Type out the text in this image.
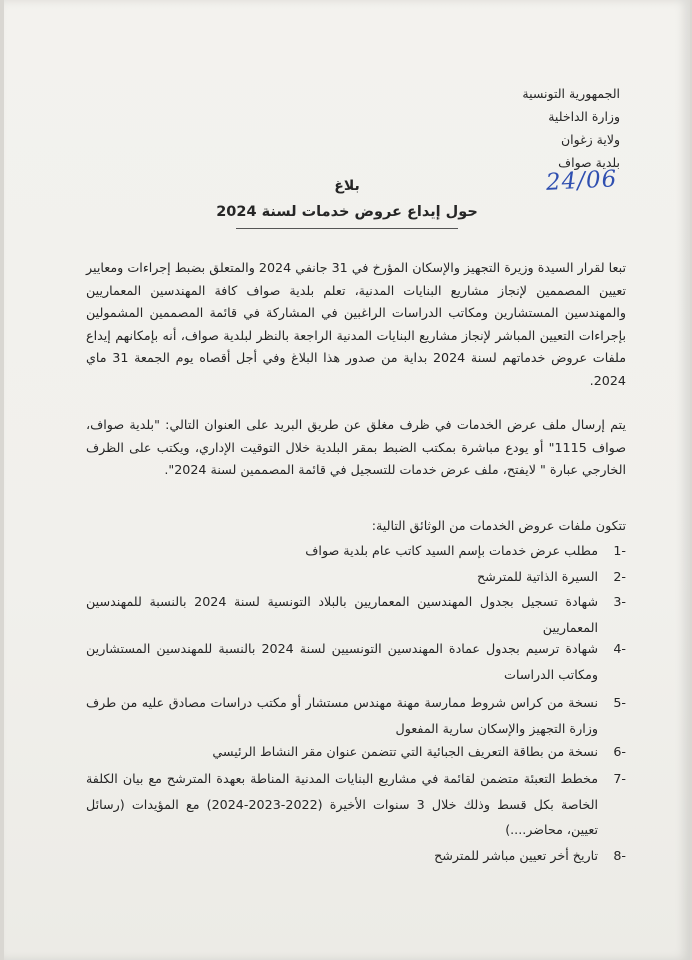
الجمهورية التونسية
وزارة الداخلية
ولاية زغوان
بلدية صواف
24/06
بلاغ
حول إيداع عروض خدمات لسنة 2024
تبعا لقرار السيدة وزيرة التجهيز والإسكان المؤرخ في 31 جانفي 2024 والمتعلق بضبط إجراءات ومعايير تعيين المصممين لإنجاز مشاريع البنايات المدنية، تعلم بلدية صواف كافة المهندسين المعماريين والمهندسين المستشارين ومكاتب الدراسات الراغبين في المشاركة في قائمة المصممين المشمولين بإجراءات التعيين المباشر لإنجاز مشاريع البنايات المدنية الراجعة بالنظر لبلدية صواف، أنه بإمكانهم إيداع ملفات عروض خدماتهم لسنة 2024 بداية من صدور هذا البلاغ وفي أجل أقصاه يوم الجمعة 31 ماي 2024.
يتم إرسال ملف عرض الخدمات في ظرف مغلق عن طريق البريد على العنوان التالي: "بلدية صواف، صواف 1115" أو يودع مباشرة بمكتب الضبط بمقر البلدية خلال التوقيت الإداري، ويكتب على الظرف الخارجي عبارة " لايفتح، ملف عرض خدمات للتسجيل في قائمة المصممين لسنة 2024".
تتكون ملفات عروض الخدمات من الوثائق التالية:
-1
مطلب عرض خدمات بإسم السيد كاتب عام بلدية صواف
-2
السيرة الذاتية للمترشح
-3
شهادة تسجيل بجدول المهندسين المعماريين بالبلاد التونسية لسنة 2024 بالنسبة للمهندسين المعماريين
-4
شهادة ترسيم بجدول عمادة المهندسين التونسيين لسنة 2024 بالنسبة للمهندسين المستشارين ومكاتب الدراسات
-5
نسخة من كراس شروط ممارسة مهنة مهندس مستشار أو مكتب دراسات مصادق عليه من طرف وزارة التجهيز والإسكان سارية المفعول
-6
نسخة من بطاقة التعريف الجبائية التي تتضمن عنوان مقر النشاط الرئيسي
-7
مخطط التعبئة متضمن لقائمة في مشاريع البنايات المدنية المناطة بعهدة المترشح مع بيان الكلفة الخاصة بكل قسط وذلك خلال 3 سنوات الأخيرة (2022-2023-2024) مع المؤيدات (رسائل تعيين، محاضر....)
-8
تاريخ أخر تعيين مباشر للمترشح
